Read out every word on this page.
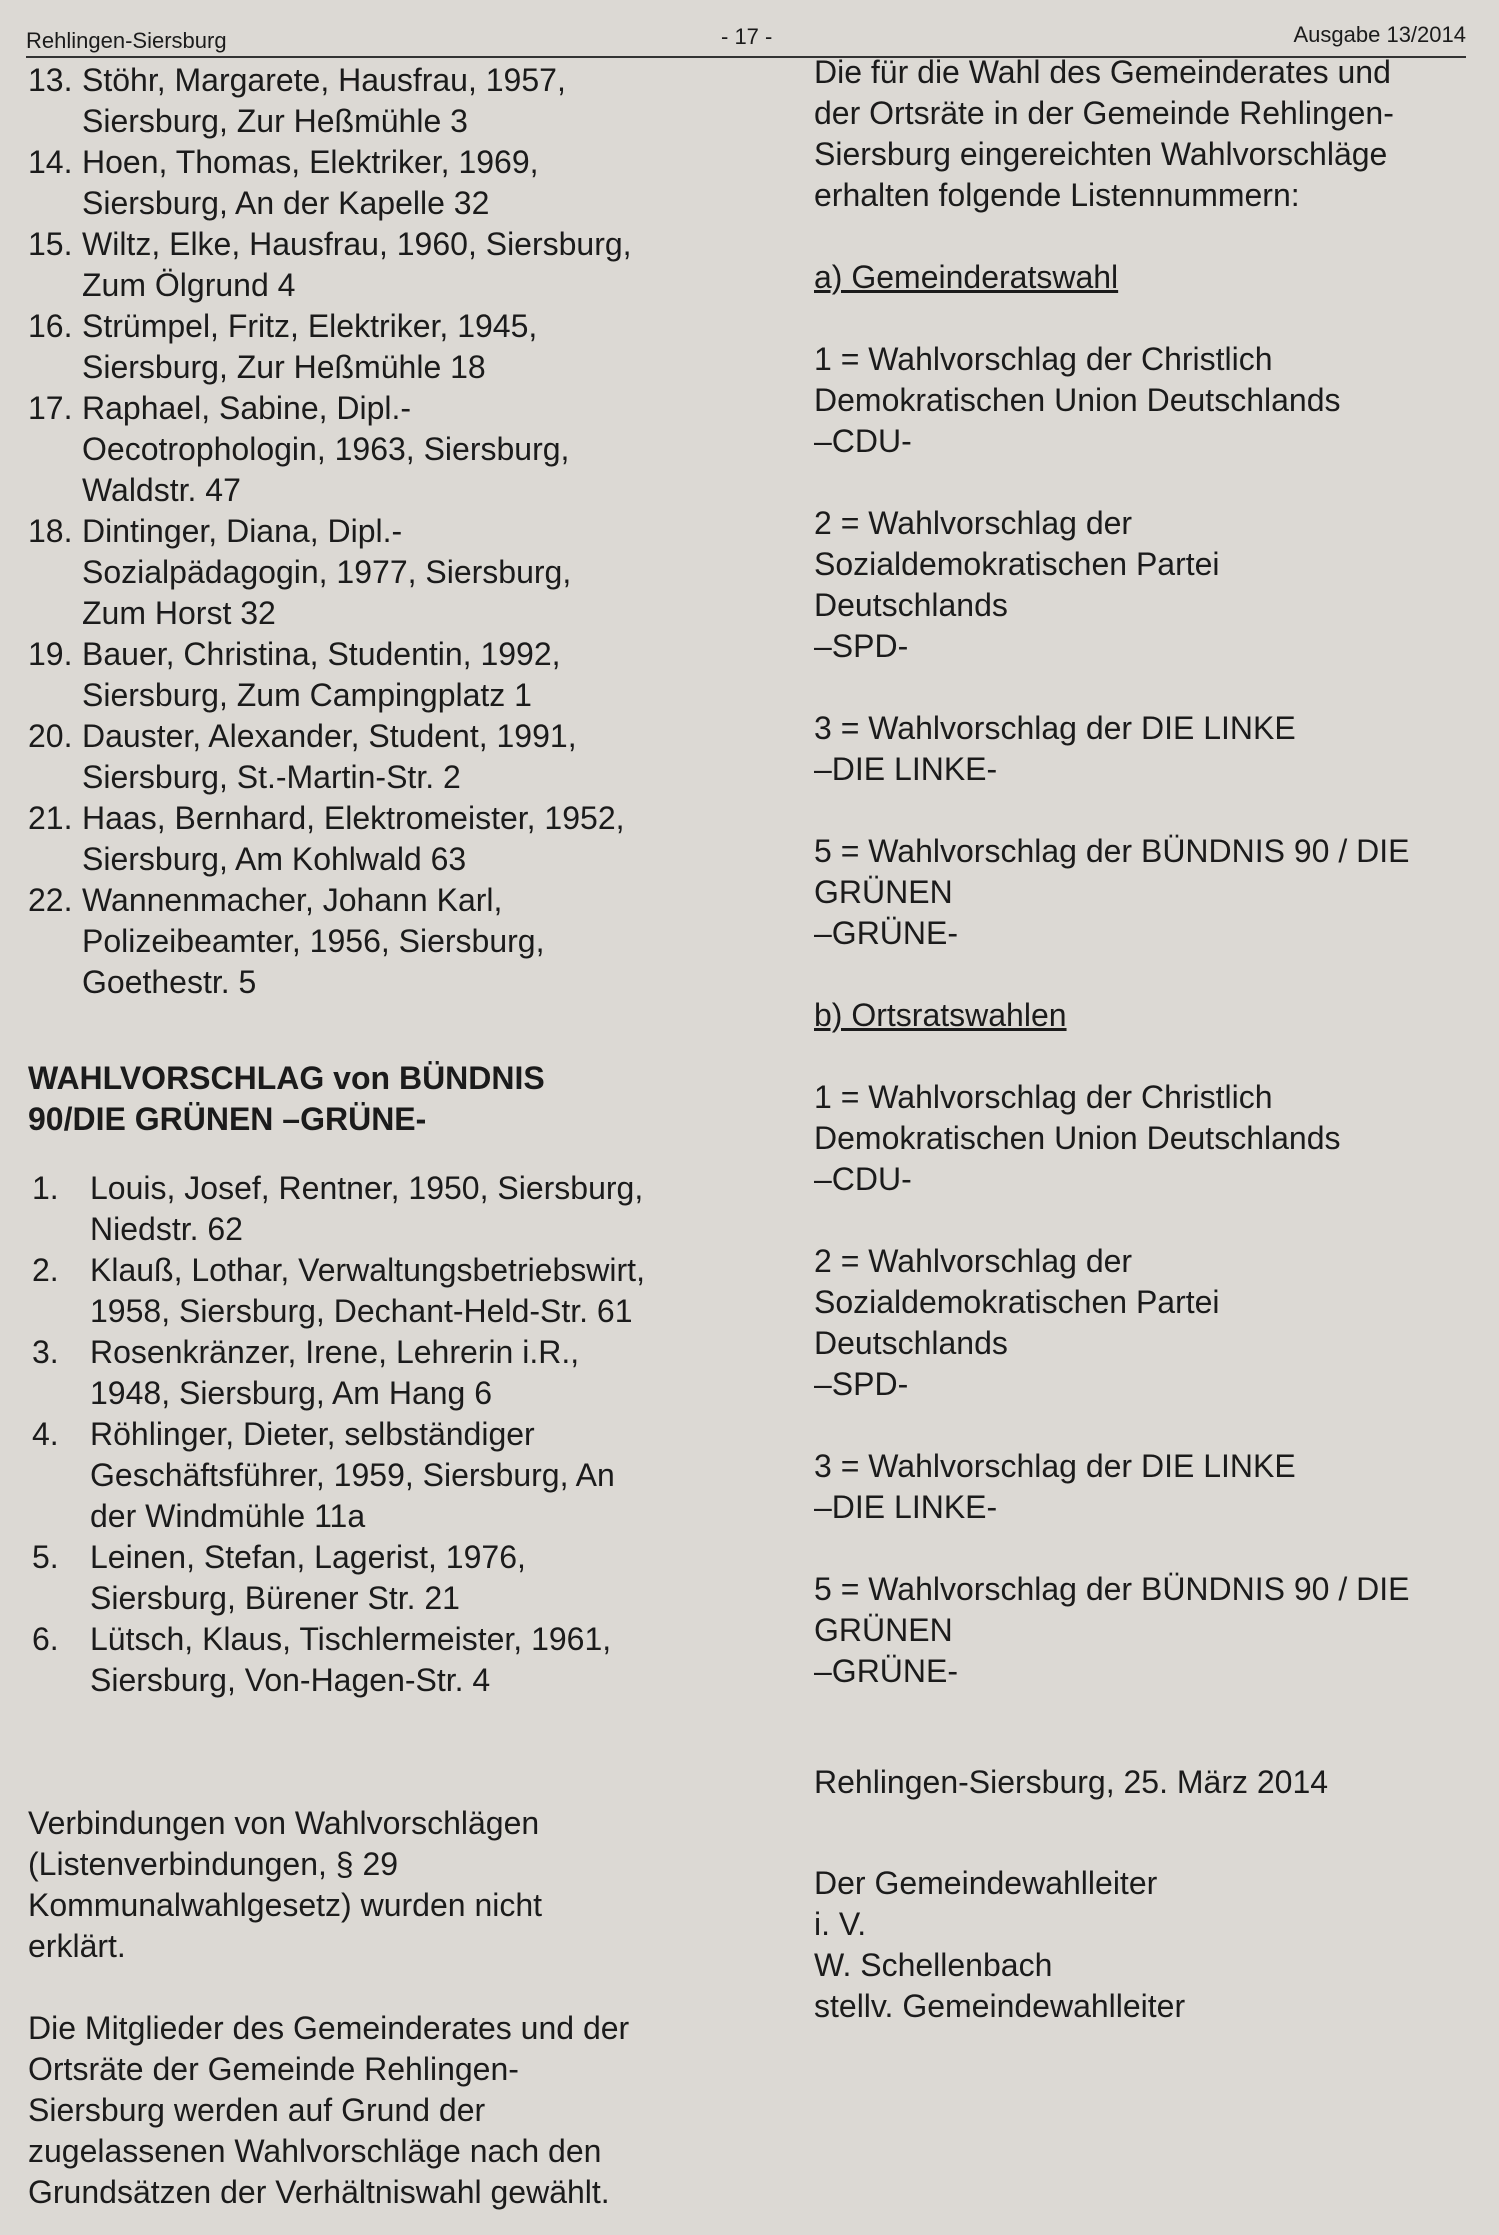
Rehlingen-Siersburg	- 17 -	Ausgabe 13/2014
13. Stöhr, Margarete, Hausfrau, 1957,
Siersburg, Zur Heßmühle 3
14. Hoen, Thomas, Elektriker, 1969,
Siersburg, An der Kapelle 32
15. Wiltz, Elke, Hausfrau, 1960, Siersburg,
Zum Ölgrund 4
16. Strümpel, Fritz, Elektriker, 1945,
Siersburg, Zur Heßmühle 18
17. Raphael, Sabine, Dipl.-
Oecotrophologin, 1963, Siersburg,
Waldstr. 47
18. Dintinger, Diana, Dipl.-
Sozialpädagogin, 1977, Siersburg,
Zum Horst 32
19. Bauer, Christina, Studentin, 1992,
Siersburg, Zum Campingplatz 1
20. Dauster, Alexander, Student, 1991,
Siersburg, St.-Martin-Str. 2
21. Haas, Bernhard, Elektromeister, 1952,
Siersburg, Am Kohlwald 63
22. Wannenmacher, Johann Karl,
Polizeibeamter, 1956, Siersburg,
Goethestr. 5
WAHLVORSCHLAG von BÜNDNIS
90/DIE GRÜNEN –GRÜNE-
1. Louis, Josef, Rentner, 1950, Siersburg,
Niedstr. 62
2. Klauß, Lothar, Verwaltungsbetriebswirt,
1958, Siersburg, Dechant-Held-Str. 61
3. Rosenkränzer, Irene, Lehrerin i.R.,
1948, Siersburg, Am Hang 6
4. Röhlinger, Dieter, selbständiger
Geschäftsführer, 1959, Siersburg, An
der Windmühle 11a
5. Leinen, Stefan, Lagerist, 1976,
Siersburg, Bürener Str. 21
6. Lütsch, Klaus, Tischlermeister, 1961,
Siersburg, Von-Hagen-Str. 4
Verbindungen von Wahlvorschlägen
(Listenverbindungen, § 29
Kommunalwahlgesetz) wurden nicht
erklärt.
Die Mitglieder des Gemeinderates und der
Ortsräte der Gemeinde Rehlingen-
Siersburg werden auf Grund der
zugelassenen Wahlvorschläge nach den
Grundsätzen der Verhältniswahl gewählt.
Die für die Wahl des Gemeinderates und
der Ortsräte in der Gemeinde Rehlingen-
Siersburg eingereichten Wahlvorschläge
erhalten folgende Listennummern:
a) Gemeinderatswahl
1 = Wahlvorschlag der Christlich
Demokratischen Union Deutschlands
–CDU-
2 = Wahlvorschlag der
Sozialdemokratischen Partei
Deutschlands
–SPD-
3 = Wahlvorschlag der DIE LINKE
–DIE LINKE-
5 = Wahlvorschlag der BÜNDNIS 90 / DIE
GRÜNEN
–GRÜNE-
b) Ortsratswahlen
1 = Wahlvorschlag der Christlich
Demokratischen Union Deutschlands
–CDU-
2 = Wahlvorschlag der
Sozialdemokratischen Partei
Deutschlands
–SPD-
3 = Wahlvorschlag der DIE LINKE
–DIE LINKE-
5 = Wahlvorschlag der BÜNDNIS 90 / DIE
GRÜNEN
–GRÜNE-
Rehlingen-Siersburg, 25. März 2014
Der Gemeindewahlleiter
i. V.
W. Schellenbach
stellv. Gemeindewahlleiter
